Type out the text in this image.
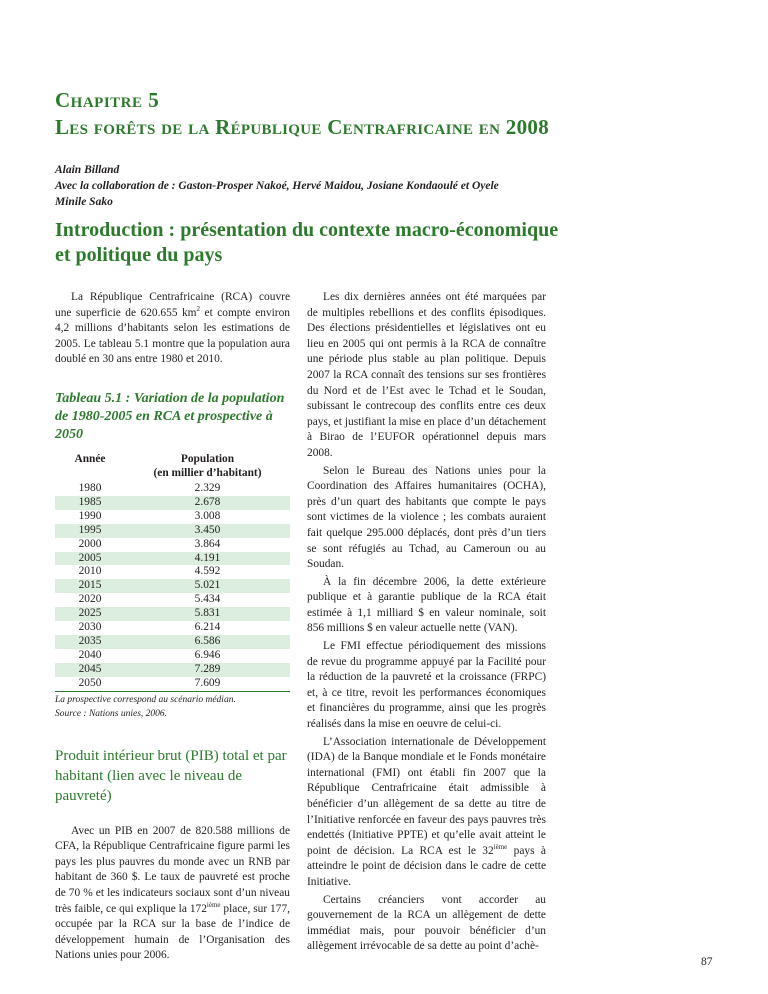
Chapitre 5
Les forêts de la République Centrafricaine en 2008
Alain Billand
Avec la collaboration de : Gaston-Prosper Nakoé, Hervé Maidou, Josiane Kondaoulé et Oyele Minile Sako
Introduction : présentation du contexte macro-économique et politique du pays

La République Centrafricaine (RCA) couvre une superficie de 620.655 $km^2$ et compte environ 4,2 millions d’habitants selon les estimations de 2005. Le tableau 5.1 montre que la population aura doublé en 30 ans entre 1980 et 2010.

Tableau 5.1 : Variation de la population de 1980-2005 en RCA et prospective à 2050
Année	Population
(en millier d’habitant)
1980	2.329
1985	2.678
1990	3.008
1995	3.450
2000	3.864
2005	4.191
2010	4.592
2015	5.021
2020	5.434
2025	5.831
2030	6.214
2035	6.586
2040	6.946
2045	7.289
2050	7.609
La prospective correspond au scénario médian.
Source : Nations unies, 2006.
Produit intérieur brut (PIB) total et par habitant (lien avec le niveau de pauvreté)

Avec un PIB en 2007 de 820.588 millions de CFA, la République Centrafricaine figure parmi les pays les plus pauvres du monde avec un RNB par habitant de 360 $. Le taux de pauvreté est proche de 70 % et les indicateurs sociaux sont d’un niveau très faible, ce qui explique la 172ième place, sur 177, occupée par la RCA sur la base de l’indice de développement humain de l’Organisation des Nations unies pour 2006.

Les dix dernières années ont été marquées par de multiples rebellions et des conflits épisodiques. Des élections présidentielles et législatives ont eu lieu en 2005 qui ont permis à la RCA de connaître une période plus stable au plan politique. Depuis 2007 la RCA connaît des tensions sur ses frontières du Nord et de l’Est avec le Tchad et le Soudan, subissant le contrecoup des conflits entre ces deux pays, et justifiant la mise en place d’un détachement à Birao de l’EUFOR opérationnel depuis mars 2008.

Selon le Bureau des Nations unies pour la Coordination des Affaires humanitaires (OCHA), près d’un quart des habitants que compte le pays sont victimes de la violence ; les combats auraient fait quelque 295.000 déplacés, dont près d’un tiers se sont réfugiés au Tchad, au Cameroun ou au Soudan.

À la fin décembre 2006, la dette extérieure publique et à garantie publique de la RCA était estimée à 1,1 milliard $ en valeur nominale, soit 856 millions $ en valeur actuelle nette (VAN).

Le FMI effectue périodiquement des missions de revue du programme appuyé par la Facilité pour la réduction de la pauvreté et la croissance (FRPC) et, à ce titre, revoit les performances économiques et financières du programme, ainsi que les progrès réalisés dans la mise en oeuvre de celui-ci.

L’Association internationale de Développement (IDA) de la Banque mondiale et le Fonds monétaire international (FMI) ont établi fin 2007 que la République Centrafricaine était admissible à bénéficier d’un allègement de sa dette au titre de l’Initiative renforcée en faveur des pays pauvres très endettés (Initiative PPTE) et qu’elle avait atteint le point de décision. La RCA est le 32ième pays à atteindre le point de décision dans le cadre de cette Initiative.

Certains créanciers vont accorder au gouvernement de la RCA un allègement de dette immédiat mais, pour pouvoir bénéficier d’un allègement irrévocable de sa dette au point d’achè-

87
